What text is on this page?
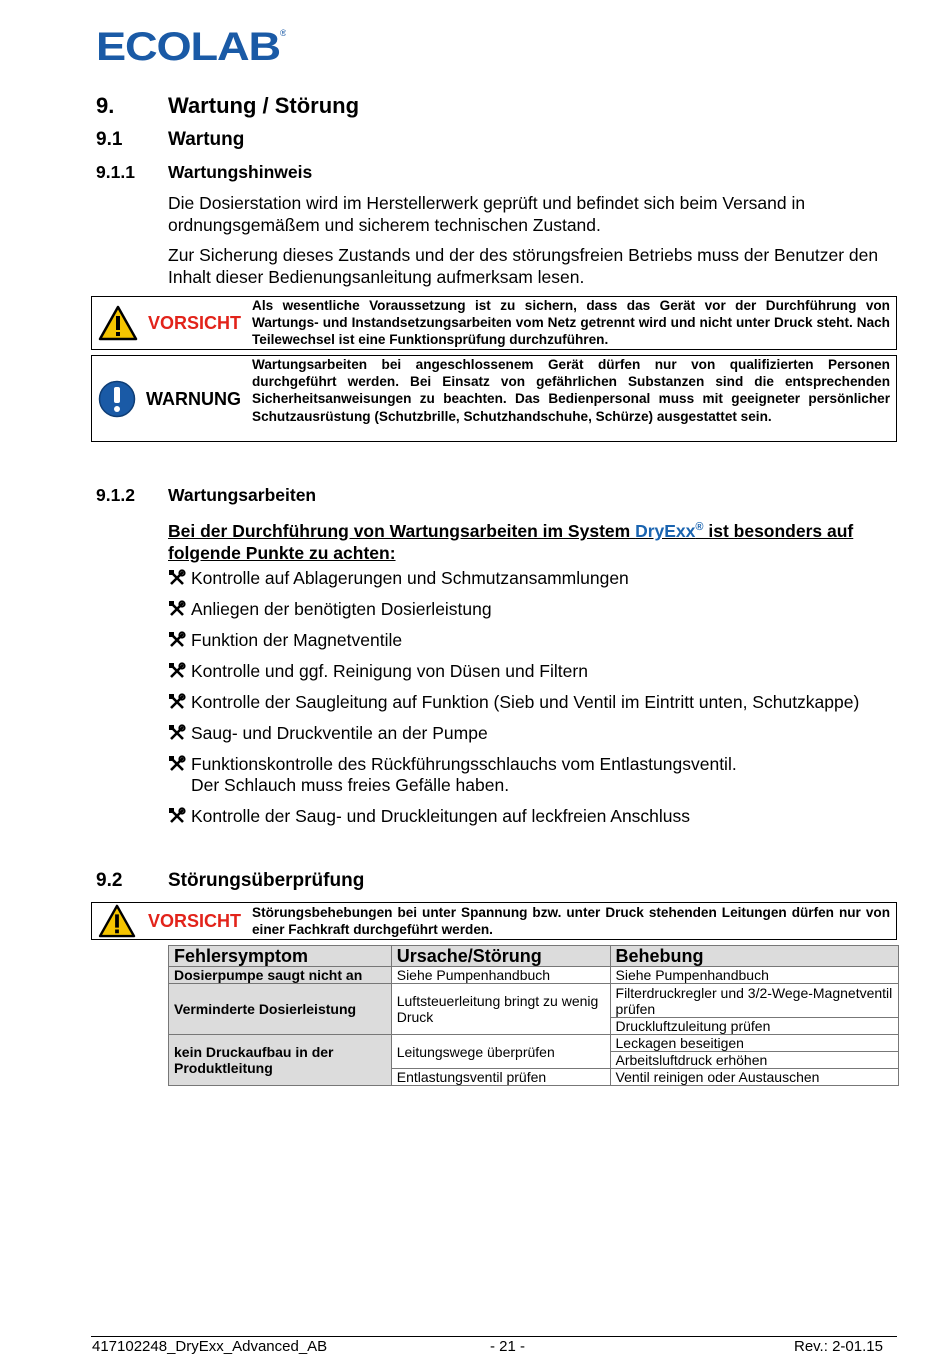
ECOLAB ®
9. Wartung / Störung
9.1 Wartung
9.1.1 Wartungshinweis
Die Dosierstation wird im Herstellerwerk geprüft und befindet sich beim Versand in ordnungsgemäßem und sicherem technischen Zustand.
Zur Sicherung dieses Zustands und der des störungsfreien Betriebs muss der Benutzer den Inhalt dieser Bedienungsanleitung aufmerksam lesen.
VORSICHT
Als wesentliche Voraussetzung ist zu sichern, dass das Gerät vor der Durchführung von Wartungs- und Instandsetzungsarbeiten vom Netz getrennt wird und nicht unter Druck steht. Nach Teilewechsel ist eine Funktionsprüfung durchzuführen.
WARNUNG
Wartungsarbeiten bei angeschlossenem Gerät dürfen nur von qualifizierten Personen durchgeführt werden. Bei Einsatz von gefährlichen Substanzen sind die entsprechenden Sicherheitsanweisungen zu beachten. Das Bedienpersonal muss mit geeigneter persönlicher Schutzausrüstung (Schutzbrille, Schutzhandschuhe, Schürze) ausgestattet sein.
9.1.2 Wartungsarbeiten
Bei der Durchführung von Wartungsarbeiten im System DryExx® ist besonders auf
folgende Punkte zu achten:
Kontrolle auf Ablagerungen und Schmutzansammlungen
Anliegen der benötigten Dosierleistung
Funktion der Magnetventile
Kontrolle und ggf. Reinigung von Düsen und Filtern
Kontrolle der Saugleitung auf Funktion (Sieb und Ventil im Eintritt unten, Schutzkappe)
Saug- und Druckventile an der Pumpe
Funktionskontrolle des Rückführungsschlauchs vom Entlastungsventil.
Der Schlauch muss freies Gefälle haben.
Kontrolle der Saug- und Druckleitungen auf leckfreien Anschluss
9.2 Störungsüberprüfung
VORSICHT Störungsbehebungen bei unter Spannung bzw. unter Druck stehenden Leitungen dürfen nur von einer Fachkraft durchgeführt werden.
Fehlersymptom	Ursache/Störung	Behebung
Dosierpumpe saugt nicht an	Siehe Pumpenhandbuch	Siehe Pumpenhandbuch
Verminderte Dosierleistung	Luftsteuerleitung bringt zu wenig Druck	Filterdruckregler und 3/2-Wege-Magnetventil prüfen
		Druckluftzuleitung prüfen
kein Druckaufbau in der Produktleitung	Leitungswege überprüfen	Leckagen beseitigen
		Arbeitsluftdruck erhöhen
	Entlastungsventil prüfen	Ventil reinigen oder Austauschen
417102248_DryExx_Advanced_AB	- 21 -	Rev.: 2-01.15
